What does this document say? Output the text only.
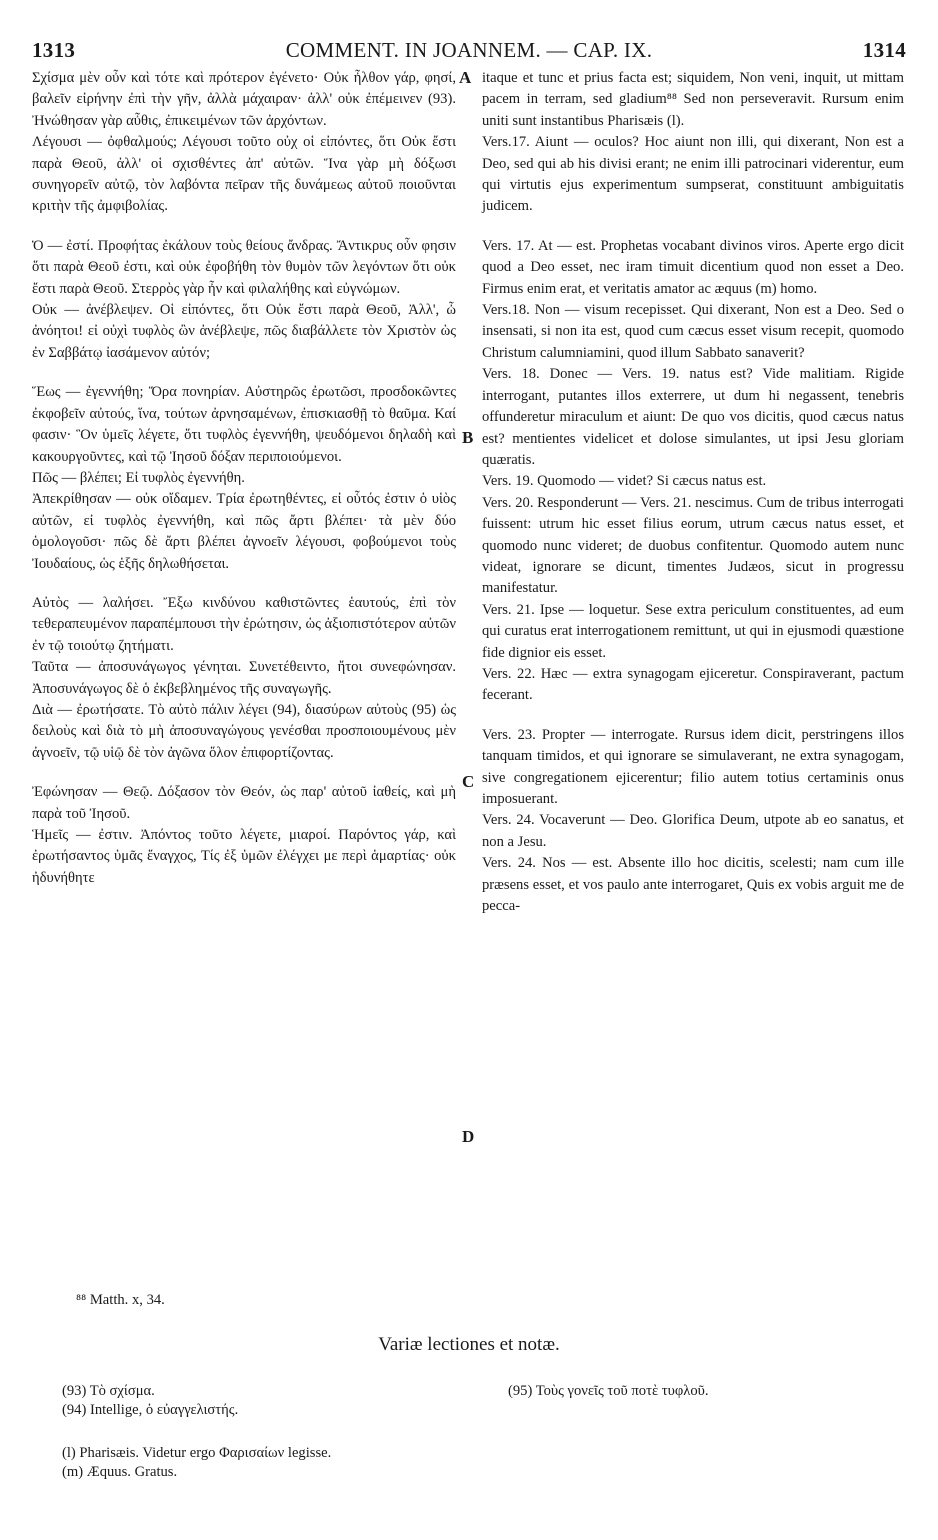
1313	COMMENT. IN JOANNEM. — CAP. IX.	1314
A
B
C
D
Σχίσμα μὲν οὖν καὶ τότε καὶ πρότερον ἐγένετο· Οὐκ ἦλθον γάρ, φησί, βαλεῖν εἰρήνην ἐπὶ τὴν γῆν, ἀλλὰ μάχαιραν· ἀλλ' οὐκ ἐπέμεινεν (93). Ἠνώθησαν γὰρ αὖθις, ἐπικειμένων τῶν ἀρχόντων.
Λέγουσι — ὀφθαλμούς; Λέγουσι τοῦτο οὐχ οἱ εἰπόντες, ὅτι Οὐκ ἔστι παρὰ Θεοῦ, ἀλλ' οἱ σχισθέντες ἀπ' αὐτῶν. Ἵνα γὰρ μὴ δόξωσι συνηγορεῖν αὐτῷ, τὸν λαβόντα πεῖραν τῆς δυνάμεως αὐτοῦ ποιοῦνται κριτὴν τῆς ἀμφιβολίας.
Ὁ — ἐστί. Προφήτας ἐκάλουν τοὺς θείους ἄνδρας. Ἄντικρυς οὖν φησιν ὅτι παρὰ Θεοῦ ἐστι, καὶ οὐκ ἐφοβήθη τὸν θυμὸν τῶν λεγόντων ὅτι οὐκ ἔστι παρὰ Θεοῦ. Στερρὸς γὰρ ἦν καὶ φιλαλήθης καὶ εὐγνώμων.
Οὐκ — ἀνέβλεψεν. Οἱ εἰπόντες, ὅτι Οὐκ ἔστι παρὰ Θεοῦ, Ἀλλ', ὦ ἀνόητοι! εἰ οὐχὶ τυφλὸς ὢν ἀνέβλεψε, πῶς διαβάλλετε τὸν Χριστὸν ὡς ἐν Σαββάτῳ ἰασάμενον αὐτόν;
Ἕως — ἐγεννήθη; Ὅρα πονηρίαν. Αὐστηρῶς ἐρωτῶσι, προσδοκῶντες ἐκφοβεῖν αὐτούς, ἵνα, τούτων ἀρνησαμένων, ἐπισκιασθῇ τὸ θαῦμα. Καί φασιν· Ὃν ὑμεῖς λέγετε, ὅτι τυφλὸς ἐγεννήθη, ψευδόμενοι δηλαδὴ καὶ κακουργοῦντες, καὶ τῷ Ἰησοῦ δόξαν περιποιούμενοι.
Πῶς — βλέπει; Εἰ τυφλὸς ἐγεννήθη.
Ἀπεκρίθησαν — οὐκ οἴδαμεν. Τρία ἐρωτηθέντες, εἰ οὗτός ἐστιν ὁ υἱὸς αὐτῶν, εἰ τυφλὸς ἐγεννήθη, καὶ πῶς ἄρτι βλέπει· τὰ μὲν δύο ὁμολογοῦσι· πῶς δὲ ἄρτι βλέπει ἀγνοεῖν λέγουσι, φοβούμενοι τοὺς Ἰουδαίους, ὡς ἑξῆς δηλωθήσεται.
Αὐτὸς — λαλήσει. Ἔξω κινδύνου καθιστῶντες ἑαυτούς, ἐπὶ τὸν τεθεραπευμένον παραπέμπουσι τὴν ἐρώτησιν, ὡς ἀξιοπιστότερον αὐτῶν ἐν τῷ τοιούτῳ ζητήματι.
Ταῦτα — ἀποσυνάγωγος γένηται. Συνετέθειντο, ἤτοι συνεφώνησαν. Ἀποσυνάγωγος δὲ ὁ ἐκβεβλημένος τῆς συναγωγῆς.
Διὰ — ἐρωτήσατε. Τὸ αὐτὸ πάλιν λέγει (94), διασύρων αὐτοὺς (95) ὡς δειλοὺς καὶ διὰ τὸ μὴ ἀποσυναγώγους γενέσθαι προσποιουμένους μὲν ἀγνοεῖν, τῷ υἱῷ δὲ τὸν ἀγῶνα ὅλον ἐπιφορτίζοντας.
Ἐφώνησαν — Θεῷ. Δόξασον τὸν Θεόν, ὡς παρ' αὐτοῦ ἰαθείς, καὶ μὴ παρὰ τοῦ Ἰησοῦ.
Ἡμεῖς — ἐστιν. Ἀπόντος τοῦτο λέγετε, μιαροί. Παρόντος γάρ, καὶ ἐρωτήσαντος ὑμᾶς ἔναγχος, Τίς ἐξ ὑμῶν ἐλέγχει με περὶ ἁμαρτίας· οὐκ ἠδυνήθητε
itaque et tunc et prius facta est; siquidem, Non veni, inquit, ut mittam pacem in terram, sed gladium⁸⁸ Sed non perseveravit. Rursum enim uniti sunt instantibus Pharisæis (l).
Vers.17. Aiunt — oculos? Hoc aiunt non illi, qui dixerant, Non est a Deo, sed qui ab his divisi erant; ne enim illi patrocinari viderentur, eum qui virtutis ejus experimentum sumpserat, constituunt ambiguitatis judicem.
Vers. 17. At — est. Prophetas vocabant divinos viros. Aperte ergo dicit quod a Deo esset, nec iram timuit dicentium quod non esset a Deo. Firmus enim erat, et veritatis amator ac æquus (m) homo.
Vers.18. Non — visum recepisset. Qui dixerant, Non est a Deo. Sed o insensati, si non ita est, quod cum cæcus esset visum recepit, quomodo Christum calumniamini, quod illum Sabbato sanaverit?
Vers. 18. Donec — Vers. 19. natus est? Vide malitiam. Rigide interrogant, putantes illos exterrere, ut dum hi negassent, tenebris offunderetur miraculum et aiunt: De quo vos dicitis, quod cæcus natus est? mentientes videlicet et dolose simulantes, ut ipsi Jesu gloriam quæratis.
Vers. 19. Quomodo — videt? Si cæcus natus est.
Vers. 20. Responderunt — Vers. 21. nescimus. Cum de tribus interrogati fuissent: utrum hic esset filius eorum, utrum cæcus natus esset, et quomodo nunc videret; de duobus confitentur. Quomodo autem nunc videat, ignorare se dicunt, timentes Judæos, sicut in progressu manifestatur.
Vers. 21. Ipse — loquetur. Sese extra periculum constituentes, ad eum qui curatus erat interrogationem remittunt, ut qui in ejusmodi quæstione fide dignior eis esset.
Vers. 22. Hæc — extra synagogam ejiceretur. Conspiraverant, pactum fecerant.
Vers. 23. Propter — interrogate. Rursus idem dicit, perstringens illos tanquam timidos, et qui ignorare se simulaverant, ne extra synagogam, sive congregationem ejicerentur; filio autem totius certaminis onus imposuerant.
Vers. 24. Vocaverunt — Deo. Glorifica Deum, utpote ab eo sanatus, et non a Jesu.
Vers. 24. Nos — est. Absente illo hoc dicitis, scelesti; nam cum ille præsens esset, et vos paulo ante interrogaret, Quis ex vobis arguit me de pecca-
⁸⁸ Matth. x, 34.
Variæ lectiones et notæ.
(93) Τὸ σχίσμα.
(94) Intellige, ὁ εὐαγγελιστής.
(95) Τοὺς γονεῖς τοῦ ποτὲ τυφλοῦ.
(l) Pharisæis. Videtur ergo Φαρισαίων legisse.
(m) Æquus. Gratus.
